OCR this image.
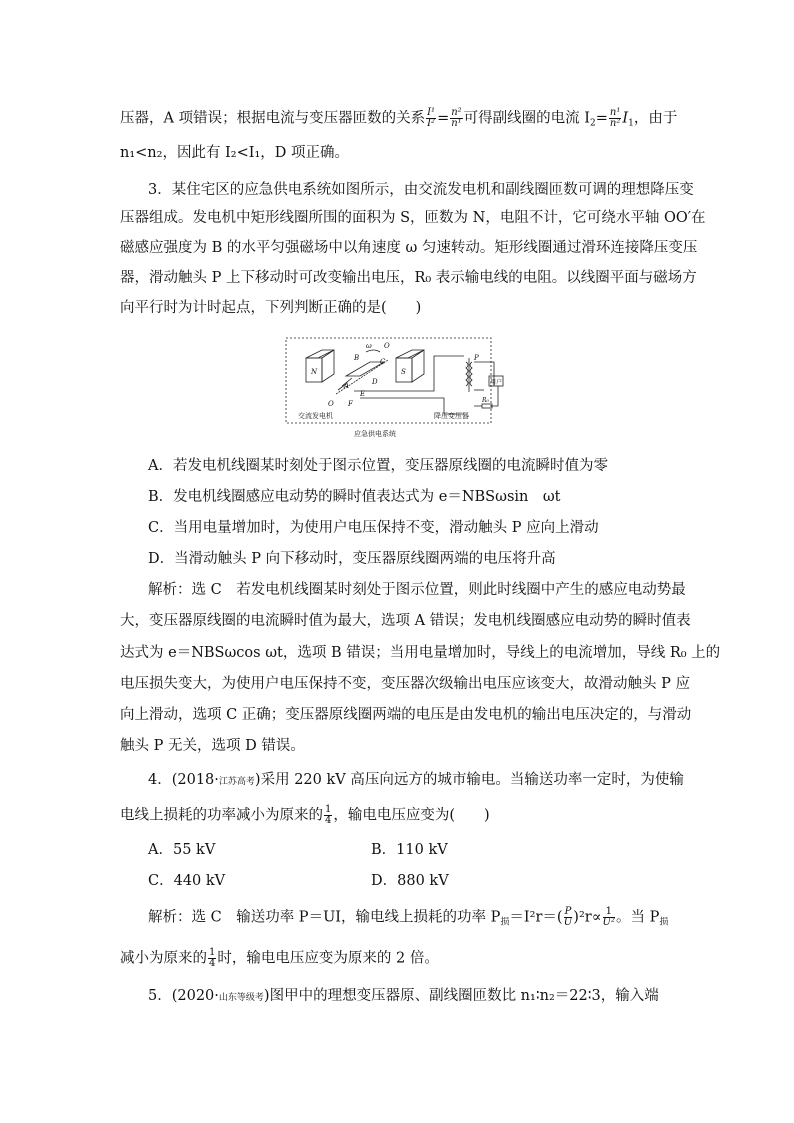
压器，A 项错误；根据电流与变压器匝数的关系 $\frac{\text{I¹}}{\text{I²}} = \frac{\text{n²}}{\text{n¹}}$ 可得副线圈的电流 $I_2= \frac{\text{n¹}}{\text{n²}} I_1$，由于
n₁<n₂，因此有 I₂<I₁，D 项正确。
3．某住宅区的应急供电系统如图所示，由交流发电机和副线圈匝数可调的理想降压变
压器组成。发电机中矩形线圈所围的面积为 S，匝数为 N，电阻不计，它可绕水平轴 OO′在
磁感应强度为 B 的水平匀强磁场中以角速度 ω 匀速转动。矩形线圈通过滑环连接降压变压
器，滑动触头 P 上下移动时可改变输出电压，R₀ 表示输电线的电阻。以线圈平面与磁场方
向平行时为计时起点，下列判断正确的是(　　)
N	S
B
ω O
C
D
A
E
F
O
P
用户
R₀
交流发电机	降压变压器
应急供电系统
A．若发电机线圈某时刻处于图示位置，变压器原线圈的电流瞬时值为零
B．发电机线圈感应电动势的瞬时值表达式为 e＝NBSωsin　ωt
C．当用电量增加时，为使用户电压保持不变，滑动触头 P 应向上滑动
D．当滑动触头 P 向下移动时，变压器原线圈两端的电压将升高
解析：选 C　若发电机线圈某时刻处于图示位置，则此时线圈中产生的感应电动势最
大，变压器原线圈的电流瞬时值为最大，选项 A 错误；发电机线圈感应电动势的瞬时值表
达式为 e＝NBSωcos ωt，选项 B 错误；当用电量增加时，导线上的电流增加，导线 R₀ 上的
电压损失变大，为使用户电压保持不变，变压器次级输出电压应该变大，故滑动触头 P 应
向上滑动，选项 C 正确；变压器原线圈两端的电压是由发电机的输出电压决定的，与滑动
触头 P 无关，选项 D 错误。
4．(2018·江苏高考)采用 220 kV 高压向远方的城市输电。当输送功率一定时，为使输
电线上损耗的功率减小为原来的 $\frac{1}{4}$ ，输电电压应变为(　　)
A．55 kV	B．110 kV
C．440 kV	D．880 kV
解析：选 C　输送功率 P＝UI，输电线上损耗的功率 $P_损=I^2r=( \frac{P}{U} )^2r\propto \frac{1}{\text{U²}}$ 。当 $P_损$
减小为原来的 $\frac{1}{4}$ 时，输电电压应变为原来的 2 倍。
5．(2020·山东等级考)图甲中的理想变压器原、副线圈匝数比 n₁∶n₂＝22∶3，输入端
